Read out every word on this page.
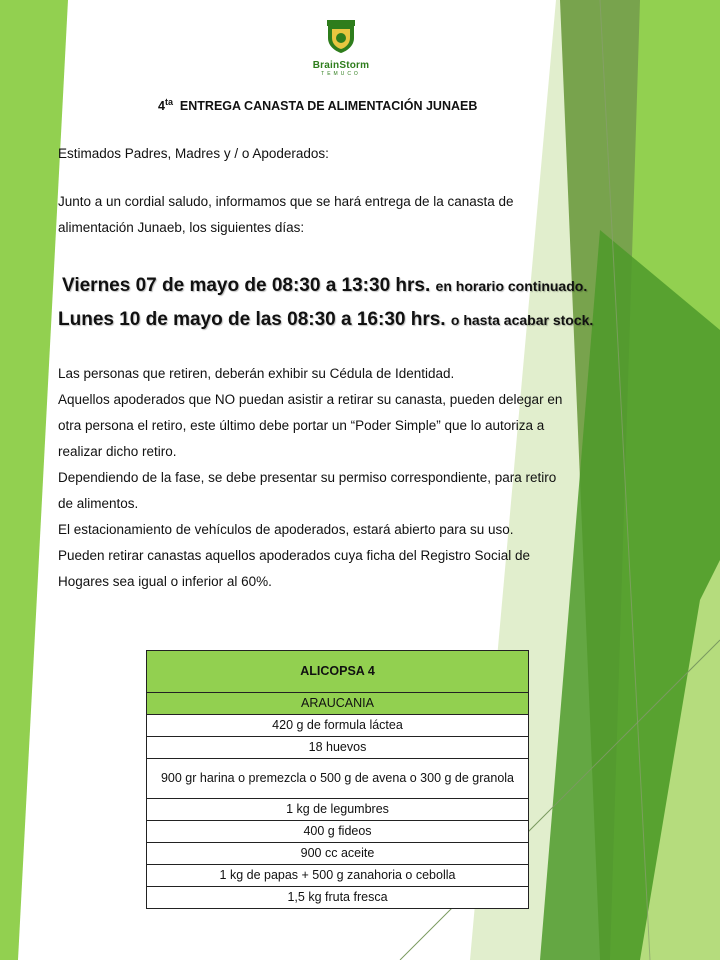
BrainStorm
TEMUCO
$4^{ta}$ ENTREGA CANASTA DE ALIMENTACIÓN JUNAEB
Estimados Padres, Madres y / o Apoderados:
Junto a un cordial saludo, informamos que se hará entrega de la canasta de
alimentación Junaeb, los siguientes días:
Viernes 07 de mayo de 08:30 a 13:30 hrs. en horario continuado.
Lunes 10 de mayo de las 08:30 a 16:30 hrs. o hasta acabar stock.
Las personas que retiren, deberán exhibir su Cédula de Identidad.
Aquellos apoderados que NO puedan asistir a retirar su canasta, pueden delegar en
otra persona el retiro, este último debe portar un “Poder Simple” que lo autoriza a
realizar dicho retiro.
Dependiendo de la fase, se debe presentar su permiso correspondiente, para retiro
de alimentos.
El estacionamiento de vehículos de apoderados, estará abierto para su uso.
Pueden retirar canastas aquellos apoderados cuya ficha del Registro Social de
Hogares sea igual o inferior al 60%.
ALICOPSA 4
ARAUCANIA
420 g de formula láctea
18 huevos
900 gr harina o premezcla o 500 g de avena o 300 g de granola
1 kg de legumbres
400 g fideos
900 cc aceite
1 kg de papas + 500 g zanahoria o cebolla
1,5 kg fruta fresca
